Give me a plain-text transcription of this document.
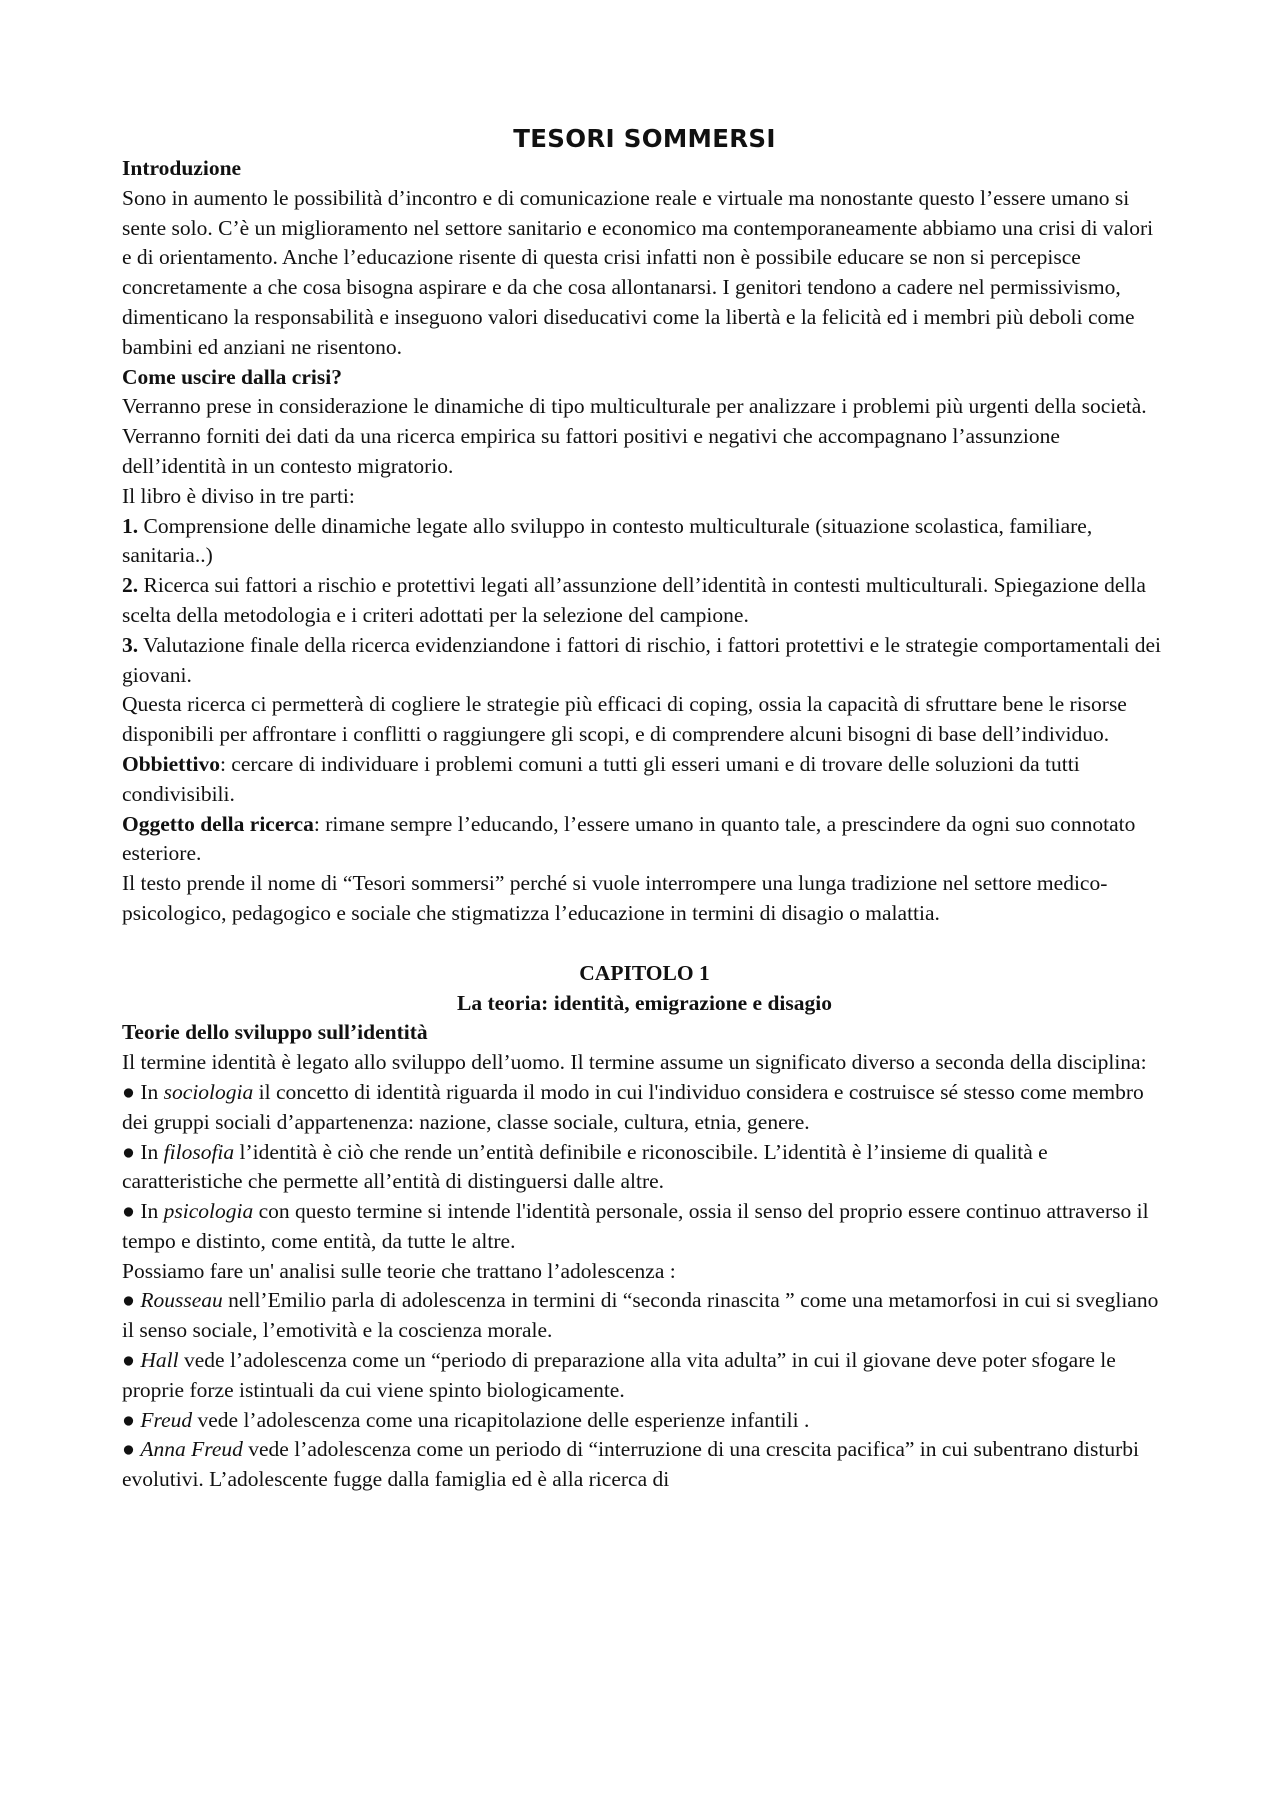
TESORI SOMMERSI
Introduzione
Sono in aumento le possibilità d’incontro e di comunicazione reale e virtuale ma nonostante questo l’essere umano si sente solo. C’è un miglioramento nel settore sanitario e economico ma contemporaneamente abbiamo una crisi di valori e di orientamento. Anche l’educazione risente di questa crisi infatti non è possibile educare se non si percepisce concretamente a che cosa bisogna aspirare e da che cosa allontanarsi. I genitori tendono a cadere nel permissivismo, dimenticano la responsabilità e inseguono valori diseducativi come la libertà e la felicità ed i membri più deboli come bambini ed anziani ne risentono.
Come uscire dalla crisi?
Verranno prese in considerazione le dinamiche di tipo multiculturale per analizzare i problemi più urgenti della società. Verranno forniti dei dati da una ricerca empirica su fattori positivi e negativi che accompagnano l’assunzione dell’identità in un contesto migratorio.
Il libro è diviso in tre parti:
1. Comprensione delle dinamiche legate allo sviluppo in contesto multiculturale (situazione scolastica, familiare, sanitaria..)
2. Ricerca sui fattori a rischio e protettivi legati all’assunzione dell’identità in contesti multiculturali. Spiegazione della scelta della metodologia e i criteri adottati per la selezione del campione.
3. Valutazione finale della ricerca evidenziandone i fattori di rischio, i fattori protettivi e le strategie comportamentali dei giovani.
Questa ricerca ci permetterà di cogliere le strategie più efficaci di coping, ossia la capacità di sfruttare bene le risorse disponibili per affrontare i conflitti o raggiungere gli scopi, e di comprendere alcuni bisogni di base dell’individuo.
Obbiettivo: cercare di individuare i problemi comuni a tutti gli esseri umani e di trovare delle soluzioni da tutti condivisibili.
Oggetto della ricerca: rimane sempre l’educando, l’essere umano in quanto tale, a prescindere da ogni suo connotato esteriore.
Il testo prende il nome di “Tesori sommersi” perché si vuole interrompere una lunga tradizione nel settore medico-psicologico, pedagogico e sociale che stigmatizza l’educazione in termini di disagio o malattia.
CAPITOLO 1
La teoria: identità, emigrazione e disagio
Teorie dello sviluppo sull’identità
Il termine identità è legato allo sviluppo dell’uomo. Il termine assume un significato diverso a seconda della disciplina:
● In sociologia il concetto di identità riguarda il modo in cui l'individuo considera e costruisce sé stesso come membro dei gruppi sociali d’appartenenza: nazione, classe sociale, cultura, etnia, genere.
● In filosofia l’identità è ciò che rende un’entità definibile e riconoscibile. L’identità è l’insieme di qualità e caratteristiche che permette all’entità di distinguersi dalle altre.
● In psicologia con questo termine si intende l'identità personale, ossia il senso del proprio essere continuo attraverso il tempo e distinto, come entità, da tutte le altre.
Possiamo fare un' analisi sulle teorie che trattano l’adolescenza :
● Rousseau nell’Emilio parla di adolescenza in termini di “seconda rinascita ” come una metamorfosi in cui si svegliano il senso sociale, l’emotività e la coscienza morale.
● Hall vede l’adolescenza come un “periodo di preparazione alla vita adulta” in cui il giovane deve poter sfogare le proprie forze istintuali da cui viene spinto biologicamente.
● Freud vede l’adolescenza come una ricapitolazione delle esperienze infantili .
● Anna Freud vede l’adolescenza come un periodo di “interruzione di una crescita pacifica” in cui subentrano disturbi evolutivi. L’adolescente fugge dalla famiglia ed è alla ricerca di
